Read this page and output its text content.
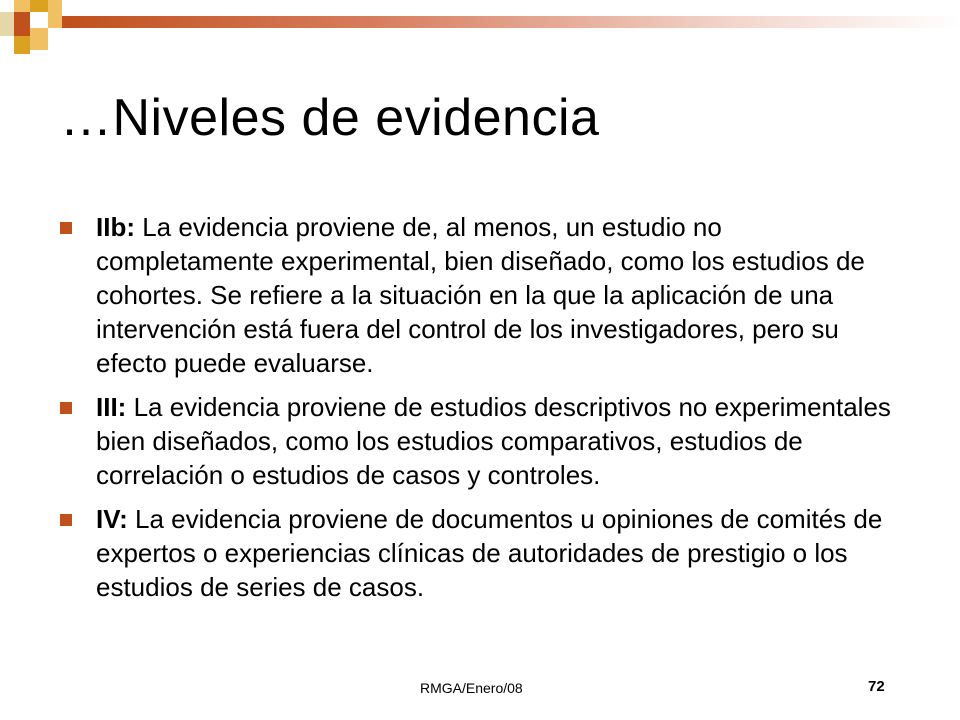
…Niveles de evidencia
IIb: La evidencia proviene de, al menos, un estudio no completamente experimental, bien diseñado, como los estudios de cohortes. Se refiere a la situación en la que la aplicación de una intervención está fuera del control de los investigadores, pero su efecto puede evaluarse.
III: La evidencia proviene de estudios descriptivos no experimentales bien diseñados, como los estudios comparativos, estudios de correlación o estudios de casos y controles.
IV: La evidencia proviene de documentos u opiniones de comités de expertos o experiencias clínicas de autoridades de prestigio o los estudios de series de casos.
RMGA/Enero/08	72
